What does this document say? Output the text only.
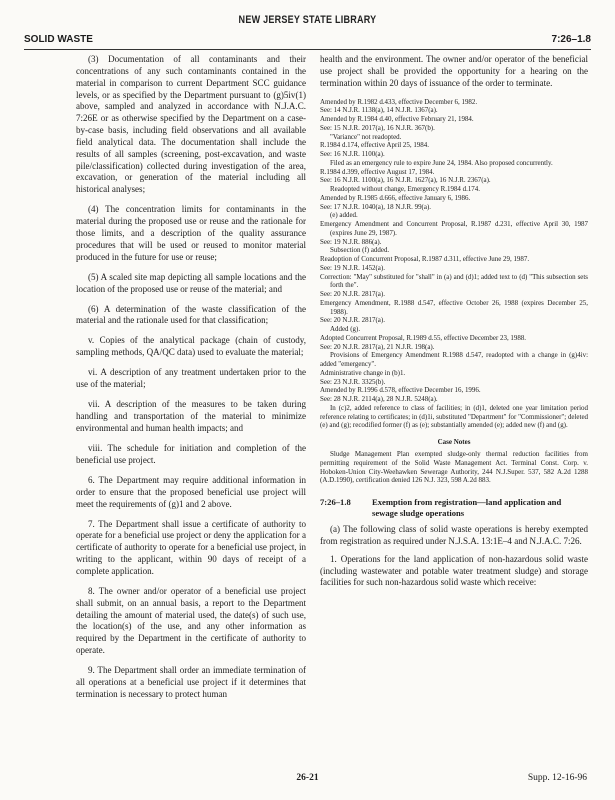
NEW JERSEY STATE LIBRARY
SOLID WASTE	7:26–1.8

(3) Documentation of all contaminants and their concentrations of any such contaminants contained in the material in comparison to current Department SCC guidance levels, or as specified by the Department pursuant to (g)5iv(1) above, sampled and analyzed in accordance with N.J.A.C. 7:26E or as otherwise specified by the Department on a case-by-case basis, including field observations and all available field analytical data. The documentation shall include the results of all samples (screening, post-excavation, and waste pile/classification) collected during investigation of the area, excavation, or generation of the material including all historical analyses;

(4) The concentration limits for contaminants in the material during the proposed use or reuse and the rationale for those limits, and a description of the quality assurance procedures that will be used or reused to monitor material produced in the future for use or reuse;

(5) A scaled site map depicting all sample locations and the location of the proposed use or reuse of the material; and

(6) A determination of the waste classification of the material and the rationale used for that classification;

v. Copies of the analytical package (chain of custody, sampling methods, QA/QC data) used to evaluate the material;

vi. A description of any treatment undertaken prior to the use of the material;

vii. A description of the measures to be taken during handling and transportation of the material to minimize environmental and human health impacts; and

viii. The schedule for initiation and completion of the beneficial use project.

6. The Department may require additional information in order to ensure that the proposed beneficial use project will meet the requirements of (g)1 and 2 above.

7. The Department shall issue a certificate of authority to operate for a beneficial use project or deny the application for a certificate of authority to operate for a beneficial use project, in writing to the applicant, within 90 days of receipt of a complete application.

8. The owner and/or operator of a beneficial use project shall submit, on an annual basis, a report to the Department detailing the amount of material used, the date(s) of such use, the location(s) of the use, and any other information as required by the Department in the certificate of authority to operate.

9. The Department shall order an immediate termination of all operations at a beneficial use project if it determines that termination is necessary to protect human

health and the environment. The owner and/or operator of the beneficial use project shall be provided the opportunity for a hearing on the termination within 20 days of issuance of the order to terminate.
Amended by R.1982 d.433, effective December 6, 1982.
See: 14 N.J.R. 1138(a), 14 N.J.R. 1367(a).
Amended by R.1984 d.40, effective February 21, 1984.
See: 15 N.J.R. 2017(a), 16 N.J.R. 367(b).
"Variance" not readopted.
R.1984 d.174, effective April 25, 1984.
See: 16 N.J.R. 1100(a).
Filed as an emergency rule to expire June 24, 1984. Also proposed concurrently.
R.1984 d.399, effective August 17, 1984.
See: 16 N.J.R. 1100(a), 16 N.J.R. 1627(a), 16 N.J.R. 2367(a).
Readopted without change, Emergency R.1984 d.174.
Amended by R.1985 d.666, effective January 6, 1986.
See: 17 N.J.R. 1040(a), 18 N.J.R. 99(a).
(e) added.
Emergency Amendment and Concurrent Proposal, R.1987 d.231, effective April 30, 1987 (expires June 29, 1987).
See: 19 N.J.R. 886(a).
Subsection (f) added.
Readoption of Concurrent Proposal, R.1987 d.311, effective June 29, 1987.
See: 19 N.J.R. 1452(a).
Correction: "May" substituted for "shall" in (a) and (d)1; added text to (d) "This subsection sets forth the".
See: 20 N.J.R. 2817(a).
Emergency Amendment, R.1988 d.547, effective October 26, 1988 (expires December 25, 1988).
See: 20 N.J.R. 2817(a).
Added (g).
Adopted Concurrent Proposal, R.1989 d.55, effective December 23, 1988.
See: 20 N.J.R. 2817(a), 21 N.J.R. 198(a).
Provisions of Emergency Amendment R.1988 d.547, readopted with a change in (g)4iv: added "emergency".
Administrative change in (b)1.
See: 23 N.J.R. 3325(b).
Amended by R.1996 d.578, effective December 16, 1996.
See: 28 N.J.R. 2114(a), 28 N.J.R. 5248(a).
In (c)2, added reference to class of facilities; in (d)1, deleted one year limitation period reference relating to certificates; in (d)1i, substituted "Department" for "Commissioner"; deleted (e) and (g); recodified former (f) as (e); substantially amended (e); added new (f) and (g).
Case Notes
Sludge Management Plan exempted sludge-only thermal reduction facilities from permitting requirement of the Solid Waste Management Act. Terminal Const. Corp. v. Hoboken-Union City-Weehawken Sewerage Authority, 244 N.J.Super. 537, 582 A.2d 1288 (A.D.1990), certification denied 126 N.J. 323, 598 A.2d 883.
7:26–1.8	Exemption from registration—land application and sewage sludge operations
(a) The following class of solid waste operations is hereby exempted from registration as required under N.J.S.A. 13:1E–4 and N.J.A.C. 7:26.
1. Operations for the land application of non-hazardous solid waste (including wastewater and potable water treatment sludge) and storage facilities for such non-hazardous solid waste which receive:
26-21	Supp. 12-16-96
